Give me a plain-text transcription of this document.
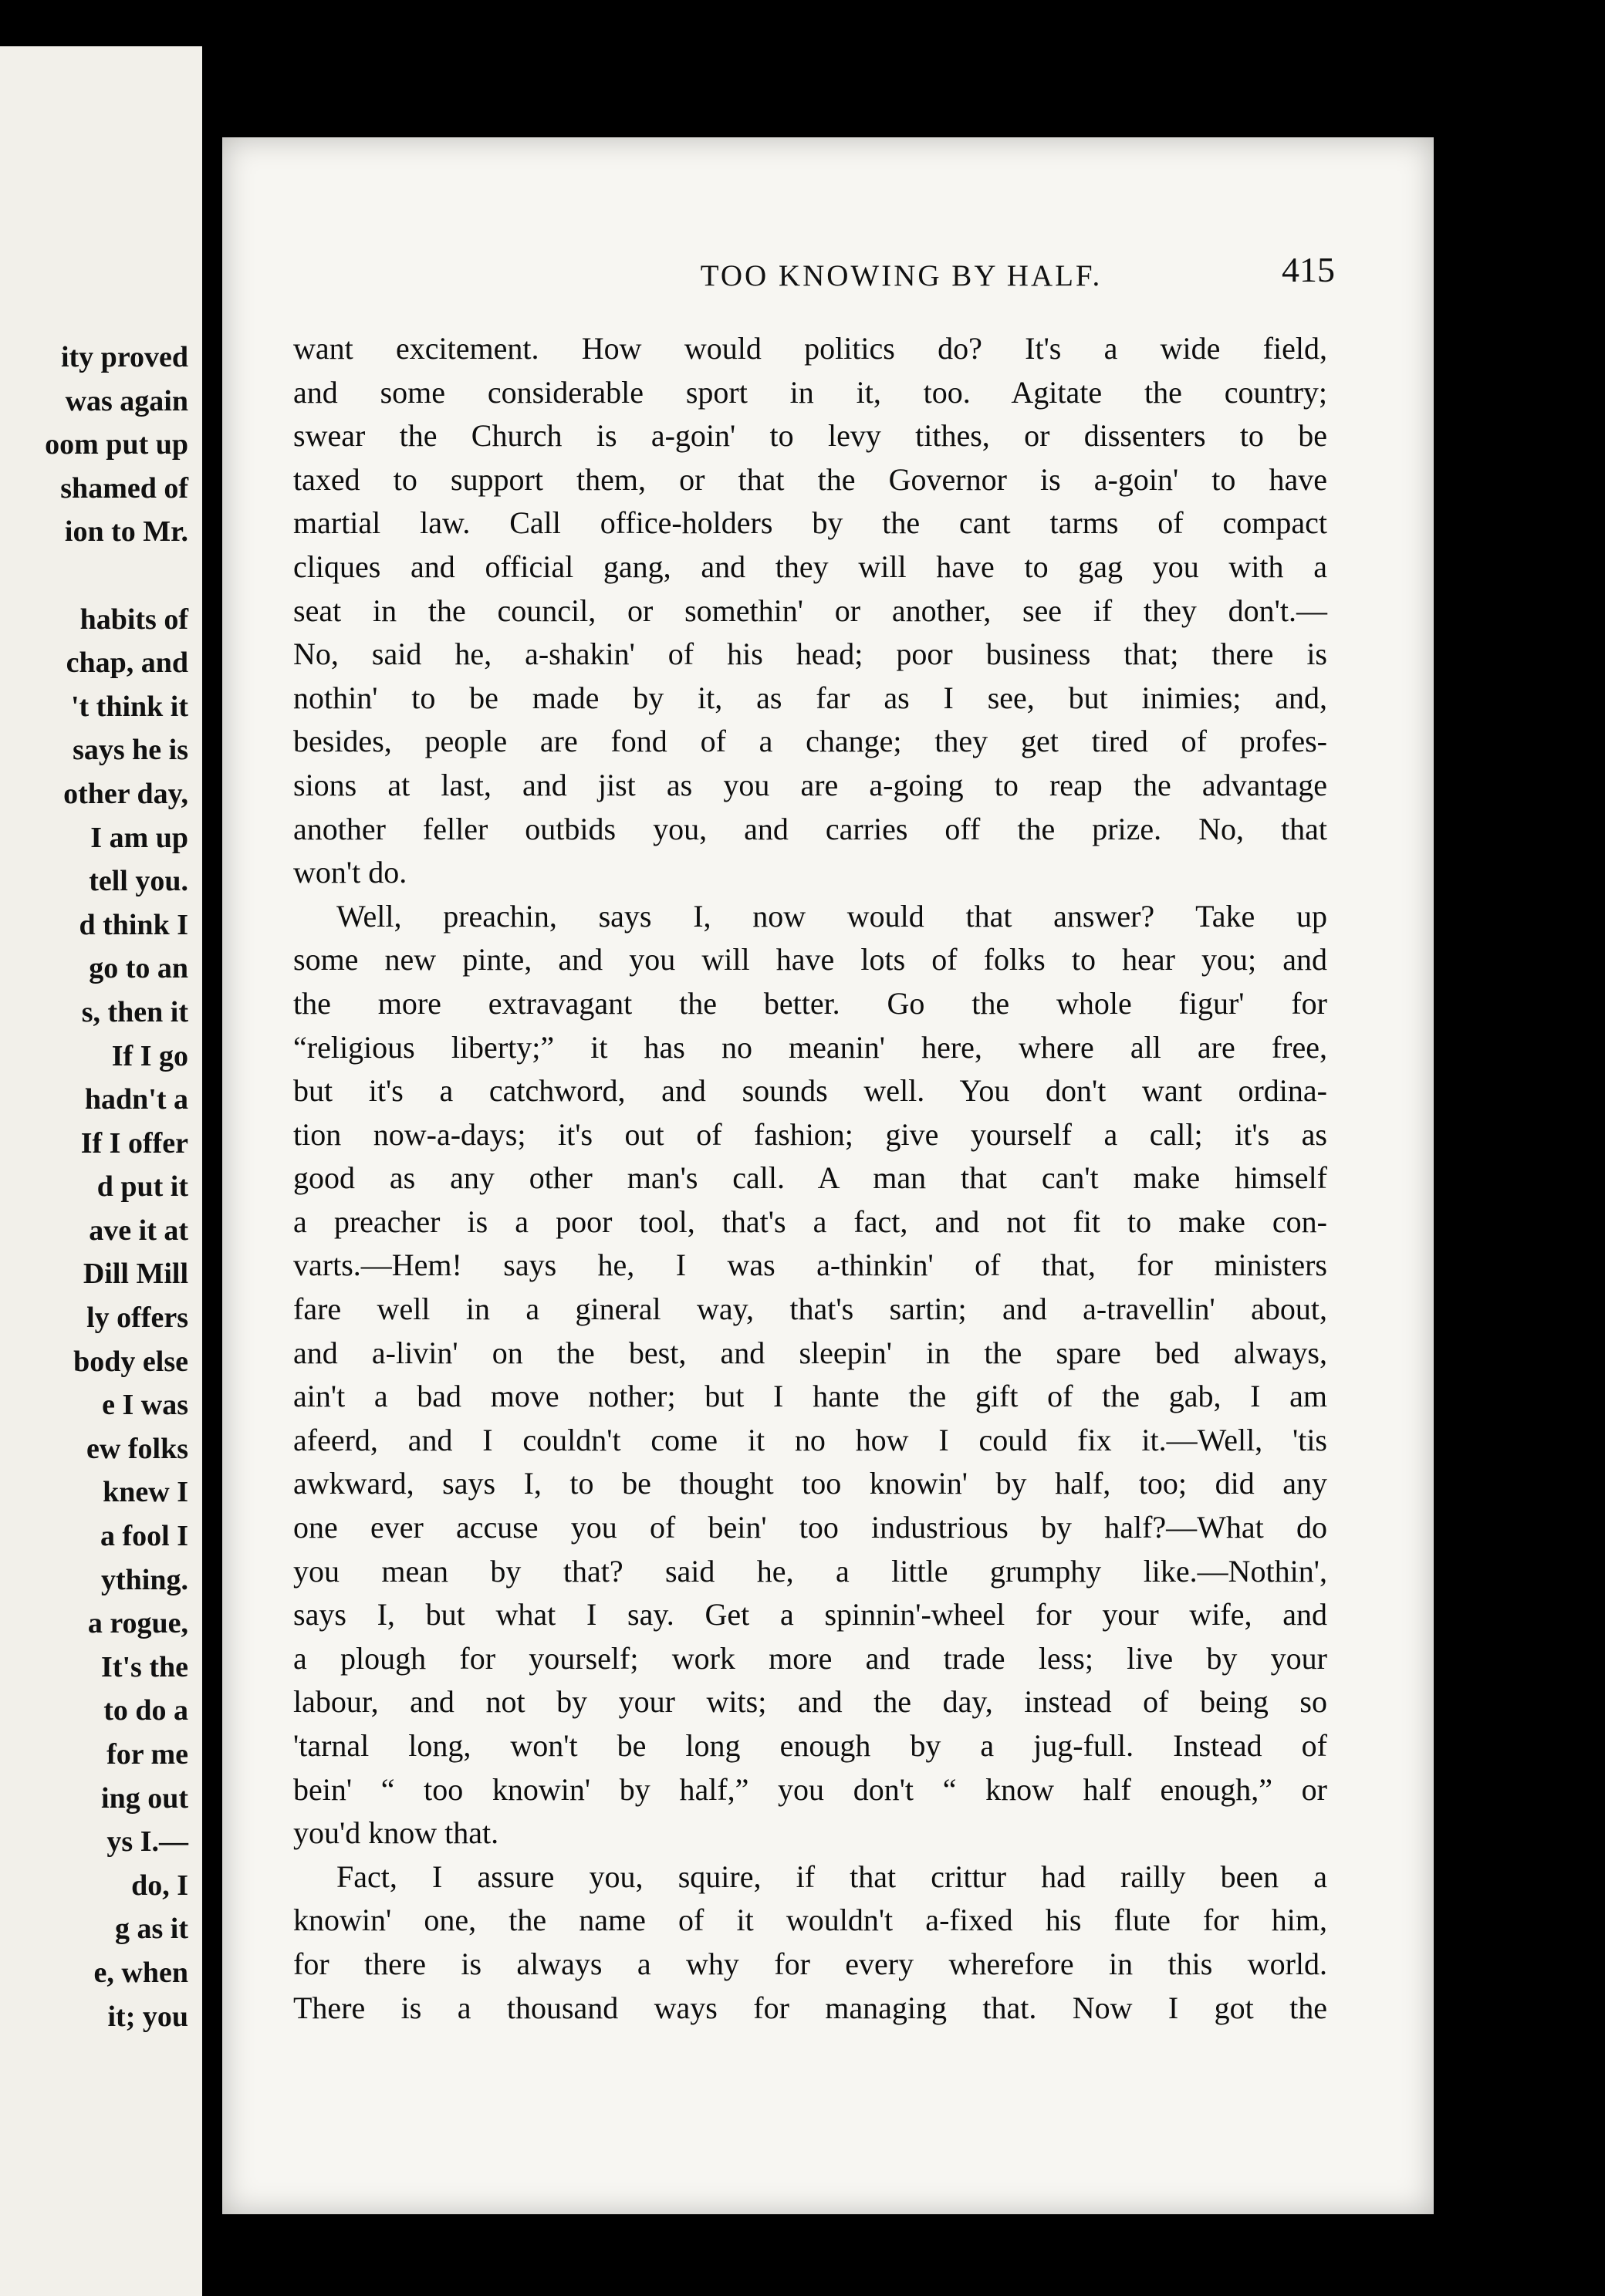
ity proved
was again
oom put up
shamed of
ion to Mr.
habits of
chap, and
't think it
says he is
other day,
I am up
tell you.
d think I
go to an
s, then it
If I go
hadn't a
If I offer
d put it
ave it at
Dill Mill
ly offers
body else
e I was
ew folks
knew I
a fool I
ything.
a rogue,
It's the
to do a
for me
ing out
ys I.—
do, I
g as it
e, when
it; you
TOO KNOWING BY HALF.	415
want excitement. How would politics do? It's a wide field,
and some considerable sport in it, too. Agitate the country;
swear the Church is a-goin' to levy tithes, or dissenters to be
taxed to support them, or that the Governor is a-goin' to have
martial law. Call office-holders by the cant tarms of compact
cliques and official gang, and they will have to gag you with a
seat in the council, or somethin' or another, see if they don't.—
No, said he, a-shakin' of his head; poor business that; there is
nothin' to be made by it, as far as I see, but inimies; and,
besides, people are fond of a change; they get tired of profes-
sions at last, and jist as you are a-going to reap the advantage
another feller outbids you, and carries off the prize. No, that
won't do.
Well, preachin, says I, now would that answer? Take up
some new pinte, and you will have lots of folks to hear you; and
the more extravagant the better. Go the whole figur' for
“religious liberty;” it has no meanin' here, where all are free,
but it's a catchword, and sounds well. You don't want ordina-
tion now-a-days; it's out of fashion; give yourself a call; it's as
good as any other man's call. A man that can't make himself
a preacher is a poor tool, that's a fact, and not fit to make con-
varts.—Hem! says he, I was a-thinkin' of that, for ministers
fare well in a gineral way, that's sartin; and a-travellin' about,
and a-livin' on the best, and sleepin' in the spare bed always,
ain't a bad move nother; but I hante the gift of the gab, I am
afeerd, and I couldn't come it no how I could fix it.—Well, 'tis
awkward, says I, to be thought too knowin' by half, too; did any
one ever accuse you of bein' too industrious by half?—What do
you mean by that? said he, a little grumphy like.—Nothin',
says I, but what I say. Get a spinnin'-wheel for your wife, and
a plough for yourself; work more and trade less; live by your
labour, and not by your wits; and the day, instead of being so
'tarnal long, won't be long enough by a jug-full. Instead of
bein' “ too knowin' by half,” you don't “ know half enough,” or
you'd know that.
Fact, I assure you, squire, if that crittur had railly been a
knowin' one, the name of it wouldn't a-fixed his flute for him,
for there is always a why for every wherefore in this world.
There is a thousand ways for managing that. Now I got the
